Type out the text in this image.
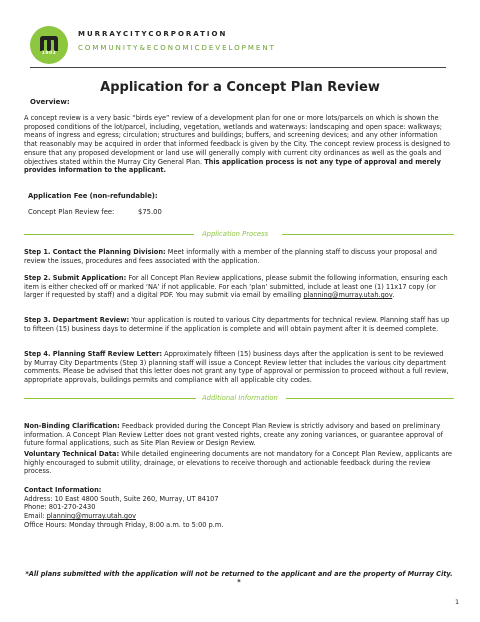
1903
MURRAYCITYCORPORATION
COMMUNITY&ECONOMICDEVELOPMENT
Application for a Concept Plan Review
Overview:
A concept review is a very basic “birds eye” review of a development plan for one or more lots/parcels on which is shown the proposed conditions of the lot/parcel, including, vegetation, wetlands and waterways: landscaping and open space: walkways; means of ingress and egress; circulation; structures and buildings; buffers, and screening devices; and any other information that reasonably may be acquired in order that informed feedback is given by the City. The concept review process is designed to ensure that any proposed development or land use will generally comply with current city ordinances as well as the goals and objectives stated within the Murray City General Plan. This application process is not any type of approval and merely provides information to the applicant.
Application Fee (non-refundable):
Concept Plan Review fee:	$75.00
Application Process
Step 1. Contact the Planning Division: Meet informally with a member of the planning staff to discuss your proposal and review the issues, procedures and fees associated with the application.
Step 2. Submit Application: For all Concept Plan Review applications, please submit the following information, ensuring each item is either checked off or marked ‘NA’ if not applicable. For each ‘plan’ submitted, include at least one (1) 11x17 copy (or larger if requested by staff) and a digital PDF. You may submit via email by emailing planning@murray.utah.gov.
Step 3. Department Review: Your application is routed to various City departments for technical review. Planning staff has up to fifteen (15) business days to determine if the application is complete and will obtain payment after it is deemed complete.
Step 4. Planning Staff Review Letter: Approximately fifteen (15) business days after the application is sent to be reviewed by Murray City Departments (Step 3) planning staff will issue a Concept Review letter that includes the various city department comments. Please be advised that this letter does not grant any type of approval or permission to proceed without a full review, appropriate approvals, buildings permits and compliance with all applicable city codes.
Additional Information
Non-Binding Clarification: Feedback provided during the Concept Plan Review is strictly advisory and based on preliminary information. A Concept Plan Review Letter does not grant vested rights, create any zoning variances, or guarantee approval of future formal applications, such as Site Plan Review or Design Review.
Voluntary Technical Data: While detailed engineering documents are not mandatory for a Concept Plan Review, applicants are highly encouraged to submit utility, drainage, or elevations to receive thorough and actionable feedback during the review process.
Contact Information:
Address: 10 East 4800 South, Suite 260, Murray, UT 84107
Phone: 801-270-2430
Email: planning@murray.utah.gov
Office Hours: Monday through Friday, 8:00 a.m. to 5:00 p.m.
*All plans submitted with the application will not be returned to the applicant and are the property of Murray City. *
1
